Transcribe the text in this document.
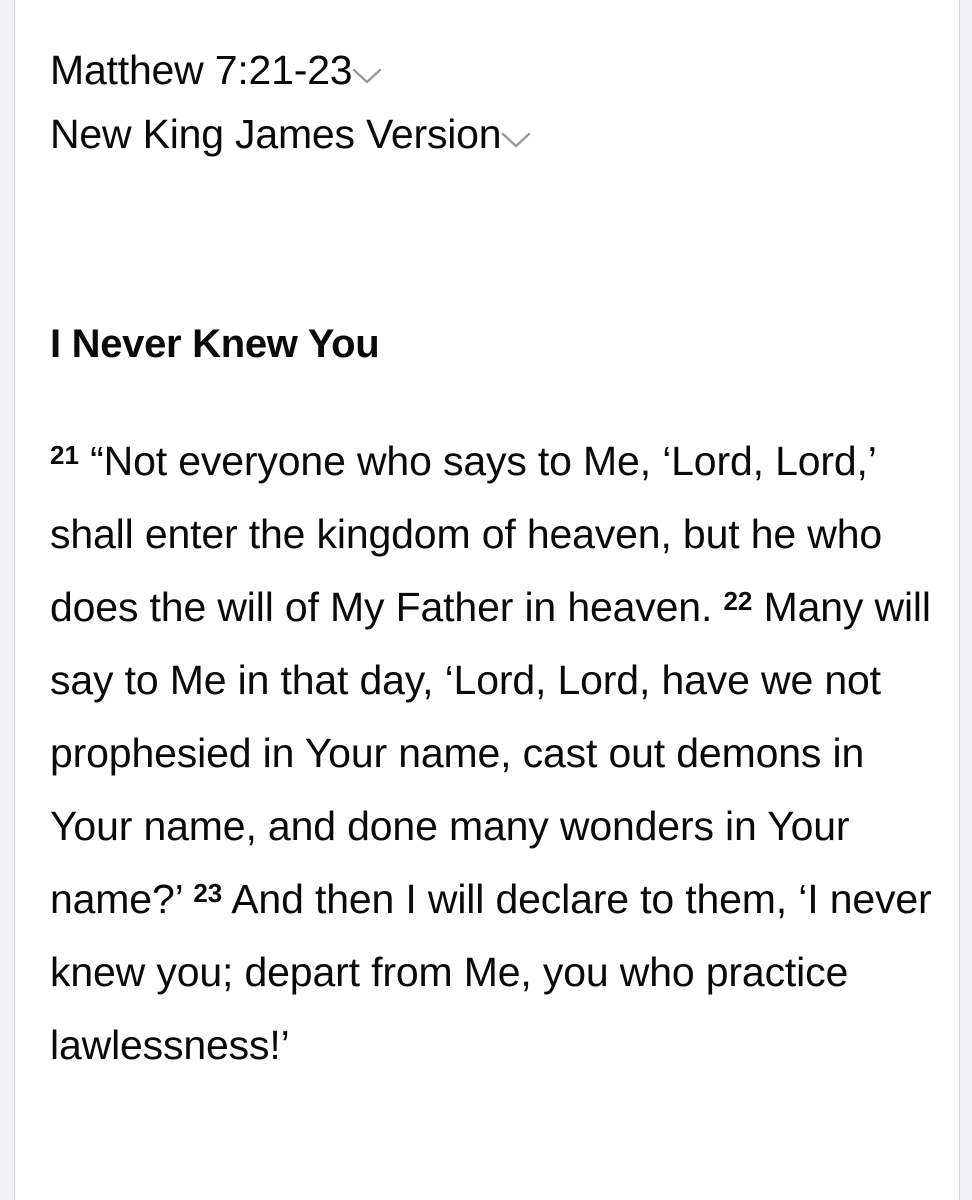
Matthew 7:21-23
New King James Version
I Never Knew You
$^{21}$ “Not everyone who says to Me, ‘Lord, Lord,’ shall enter the kingdom of heaven, but he who does the will of My Father in heaven. $^{22}$ Many will say to Me in that day, ‘Lord, Lord, have we not prophesied in Your name, cast out demons in Your name, and done many wonders in Your name?’ $^{23}$ And then I will declare to them, ‘I never knew you; depart from Me, you who practice lawlessness!’
